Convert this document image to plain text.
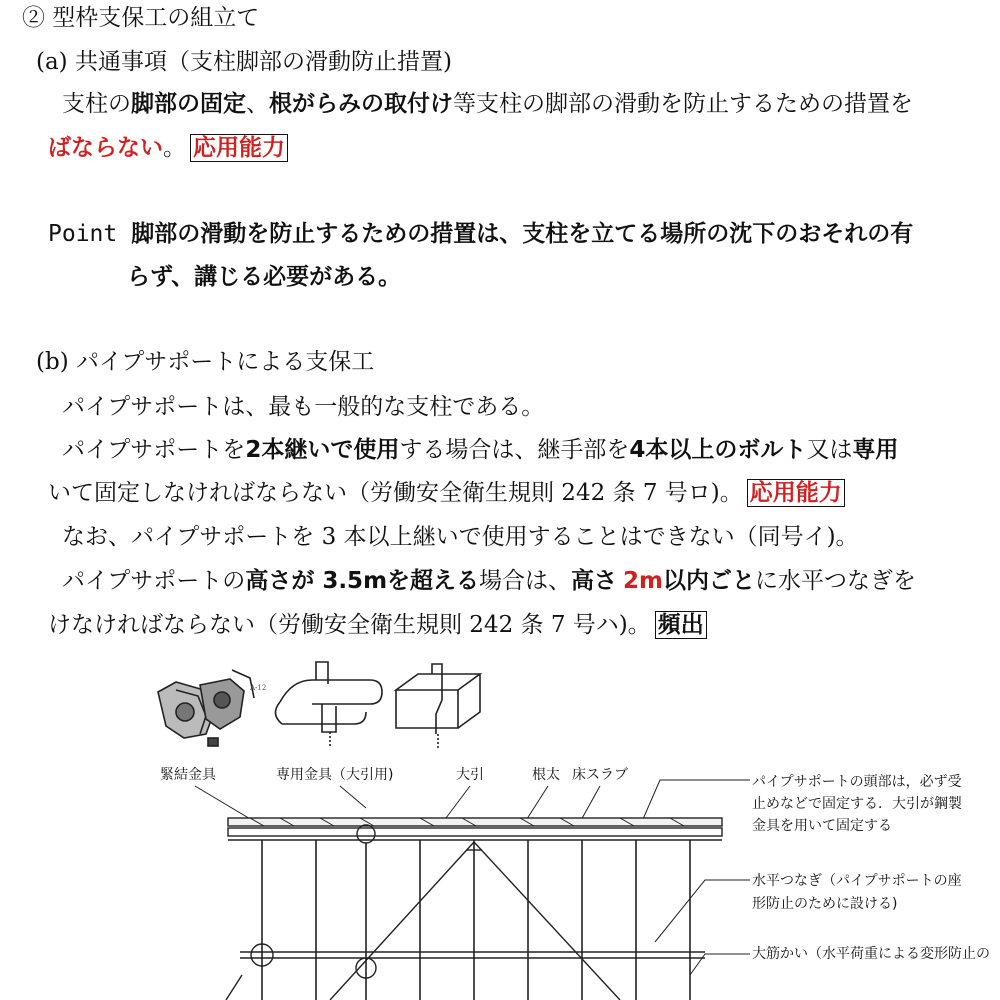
② 型枠支保工の組立て
(a) 共通事項（支柱脚部の滑動防止措置)
支柱の脚部の固定、根がらみの取付け等支柱の脚部の滑動を防止するための措置を
ばならない。 応用能力
Point 脚部の滑動を防止するための措置は、支柱を立てる場所の沈下のおそれの有
らず、講じる必要がある。
(b) パイプサポートによる支保工
パイプサポートは、最も一般的な支柱である。
パイプサポートを2本継いで使用する場合は、継手部を4本以上のボルト又は専用
いて固定しなければならない（労働安全衛生規則 242 条 7 号ロ)。 応用能力
なお、パイプサポートを 3 本以上継いで使用することはできない（同号イ)。
パイプサポートの高さが 3.5mを超える場合は、高さ 2m以内ごとに水平つなぎを
けなければならない（労働安全衛生規則 242 条 7 号ハ)。 頻出
A-12
緊結金具	専用金具（大引用)	大引	根太 床スラブ	パイプサポートの頭部は，必ず受
止めなどで固定する．大引が鋼製
金具を用いて固定する
水平つなぎ（パイプサポートの座
形防止のために設ける)
大筋かい（水平荷重による変形防止の
